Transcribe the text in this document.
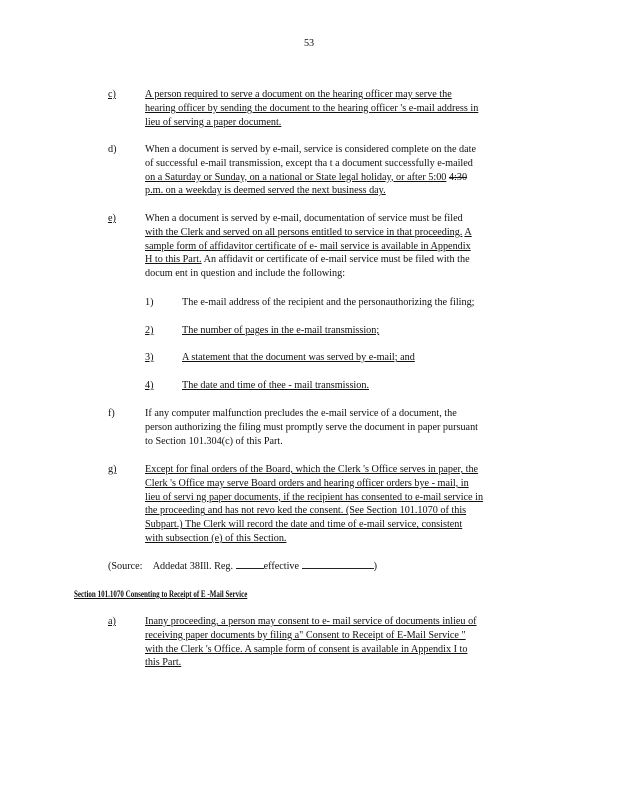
53
c)	A person required to serve a document on the hearing officer may serve the
hearing officer by sending the document to the hearing officer 's e-mail address in
lieu of serving a paper document.
d)	When a document is served by e-mail, service is considered complete on the date
of successful e-mail transmission, except tha t a document successfully e-mailed
on a Saturday or Sunday, on a national or State legal holiday, or after 5:00 4:30
p.m. on a weekday is deemed served the next business day.
e)	When a document is served by e-mail, documentation of service must be filed
with the Clerk and served on all persons entitled to service in that proceeding. A
sample form of affidavitor certificate of e- mail service is available in Appendix
H to this Part. An affidavit or certificate of e-mail service must be filed with the
docum ent in question and include the following:
1)	The e-mail address of the recipient and the personauthorizing the filing;
2)	The number of pages in the e-mail transmission;
3)	A statement that the document was served by e-mail; and
4)	The date and time of thee - mail transmission.
f)	If any computer malfunction precludes the e-mail service of a document, the
person authorizing the filing must promptly serve the document in paper pursuant
to Section 101.304(c) of this Part.
g)	Except for final orders of the Board, which the Clerk 's Office serves in paper, the
Clerk 's Office may serve Board orders and hearing officer orders bye - mail, in
lieu of servi ng paper documents, if the recipient has consented to e-mail service in
the proceeding and has not revo ked the consent. (See Section 101.1070 of this
Subpart.) The Clerk will record the date and time of e-mail service, consistent
with subsection (e) of this Section.
(Source: Addedat 38Ill. Reg.	effective	)
Section 101.1070 Consenting to Receipt of E -Mail Service
a)	Inany proceeding, a person may consent to e- mail service of documents inlieu of
receiving paper documents by filing a" Consent to Receipt of E-Mail Service "
with the Clerk 's Office. A sample form of consent is available in Appendix I to
this Part.
